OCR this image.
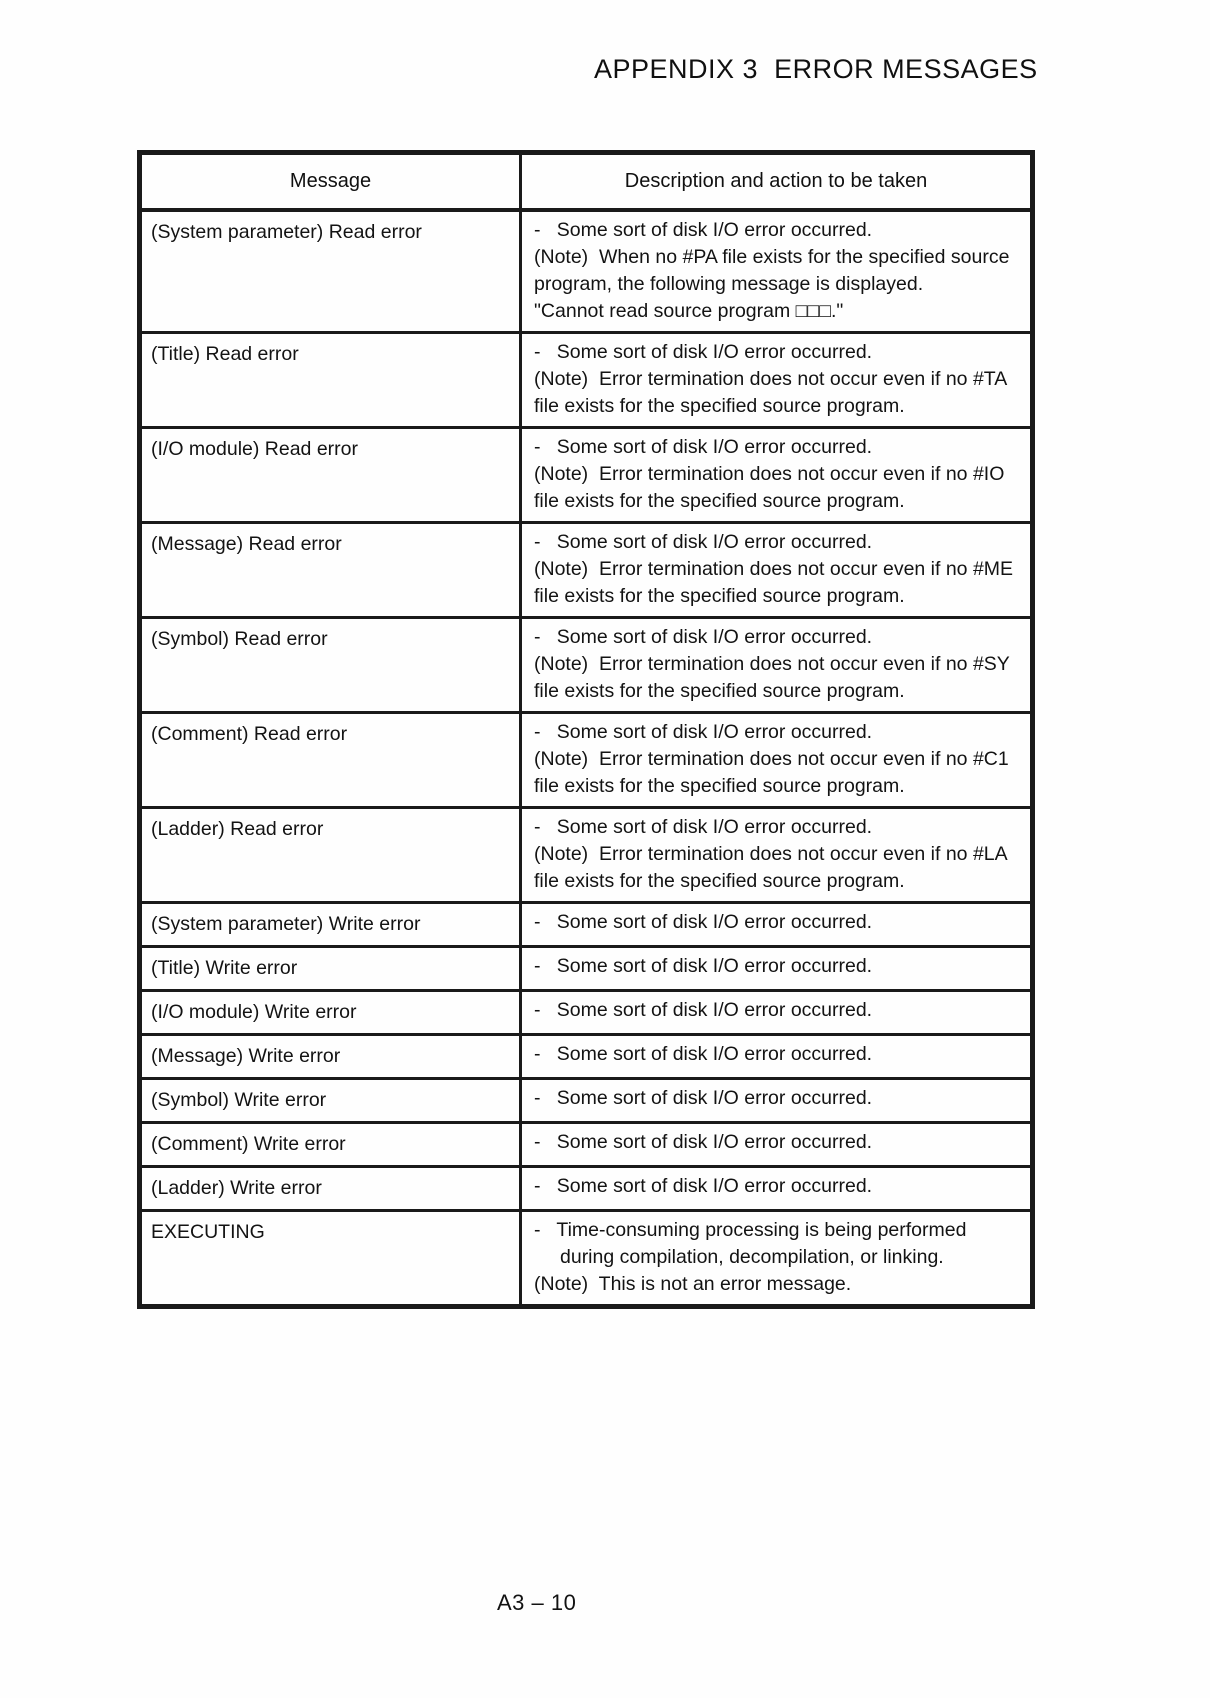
APPENDIX 3  ERROR MESSAGES
Message	Description and action to be taken

(System parameter) Read error	-   Some sort of disk I/O error occurred.

(Note)  When no #PA file exists for the specified source program, the following message is displayed.

"Cannot read source program □□□."

(Title) Read error	-   Some sort of disk I/O error occurred.

(Note)  Error termination does not occur even if no #TA file exists for the specified source program.

(I/O module) Read error	-   Some sort of disk I/O error occurred.

(Note)  Error termination does not occur even if no #IO file exists for the specified source program.

(Message) Read error	-   Some sort of disk I/O error occurred.

(Note)  Error termination does not occur even if no #ME file exists for the specified source program.

(Symbol) Read error	-   Some sort of disk I/O error occurred.

(Note)  Error termination does not occur even if no #SY file exists for the specified source program.

(Comment) Read error	-   Some sort of disk I/O error occurred.

(Note)  Error termination does not occur even if no #C1 file exists for the specified source program.

(Ladder) Read error	-   Some sort of disk I/O error occurred.

(Note)  Error termination does not occur even if no #LA file exists for the specified source program.

(System parameter) Write error	-   Some sort of disk I/O error occurred.

(Title) Write error	-   Some sort of disk I/O error occurred.

(I/O module) Write error	-   Some sort of disk I/O error occurred.

(Message) Write error	-   Some sort of disk I/O error occurred.

(Symbol) Write error	-   Some sort of disk I/O error occurred.

(Comment) Write error	-   Some sort of disk I/O error occurred.

(Ladder) Write error	-   Some sort of disk I/O error occurred.

EXECUTING	-   Time-consuming processing is being performed during compilation, decompilation, or linking.

(Note)  This is not an error message.

A3 – 10
